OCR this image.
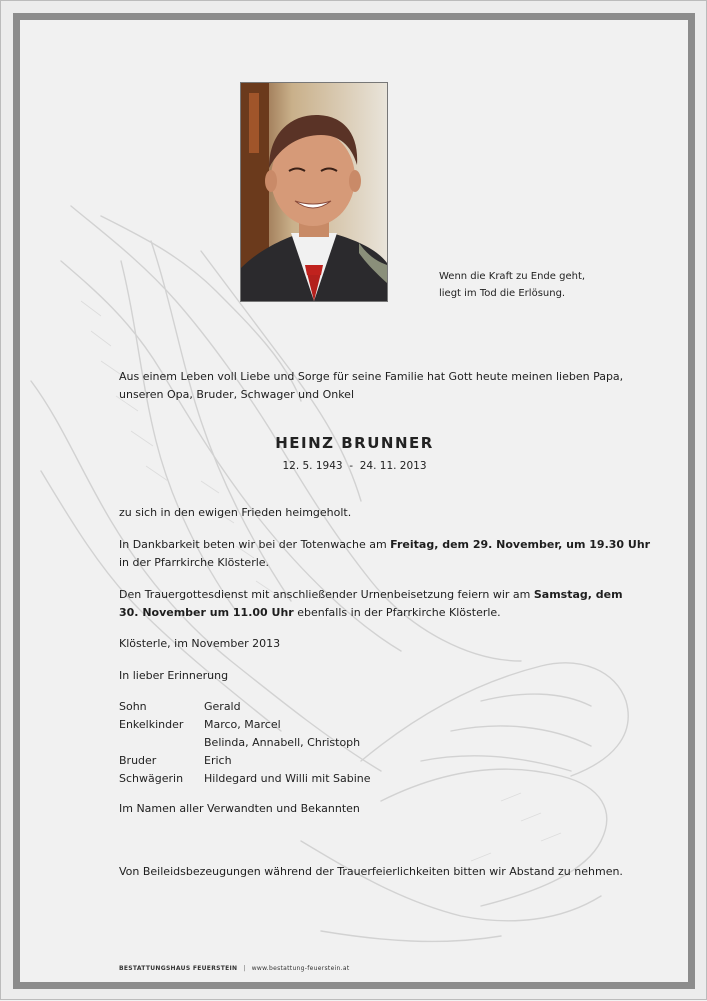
Wenn die Kraft zu Ende geht,
liegt im Tod die Erlösung.
Aus einem Leben voll Liebe und Sorge für seine Familie hat Gott heute meinen lieben Papa,
unseren Opa, Bruder, Schwager und Onkel
HEINZ BRUNNER
12. 5. 1943  -  24. 11. 2013
zu sich in den ewigen Frieden heimgeholt.
In Dankbarkeit beten wir bei der Totenwache am Freitag, dem 29. November, um 19.30 Uhr
in der Pfarrkirche Klösterle.
Den Trauergottesdienst mit anschließender Urnenbeisetzung feiern wir am Samstag, dem
30. November um 11.00 Uhr ebenfalls in der Pfarrkirche Klösterle.
Klösterle, im November 2013
In lieber Erinnerung
Sohn	Gerald
Enkelkinder	Marco, Marcel
Belinda, Annabell, Christoph
Bruder	Erich
Schwägerin	Hildegard und Willi mit Sabine
Im Namen aller Verwandten und Bekannten
Von Beileidsbezeugungen während der Trauerfeierlichkeiten bitten wir Abstand zu nehmen.
BESTATTUNGSHAUS FEUERSTEIN | www.bestattung-feuerstein.at
